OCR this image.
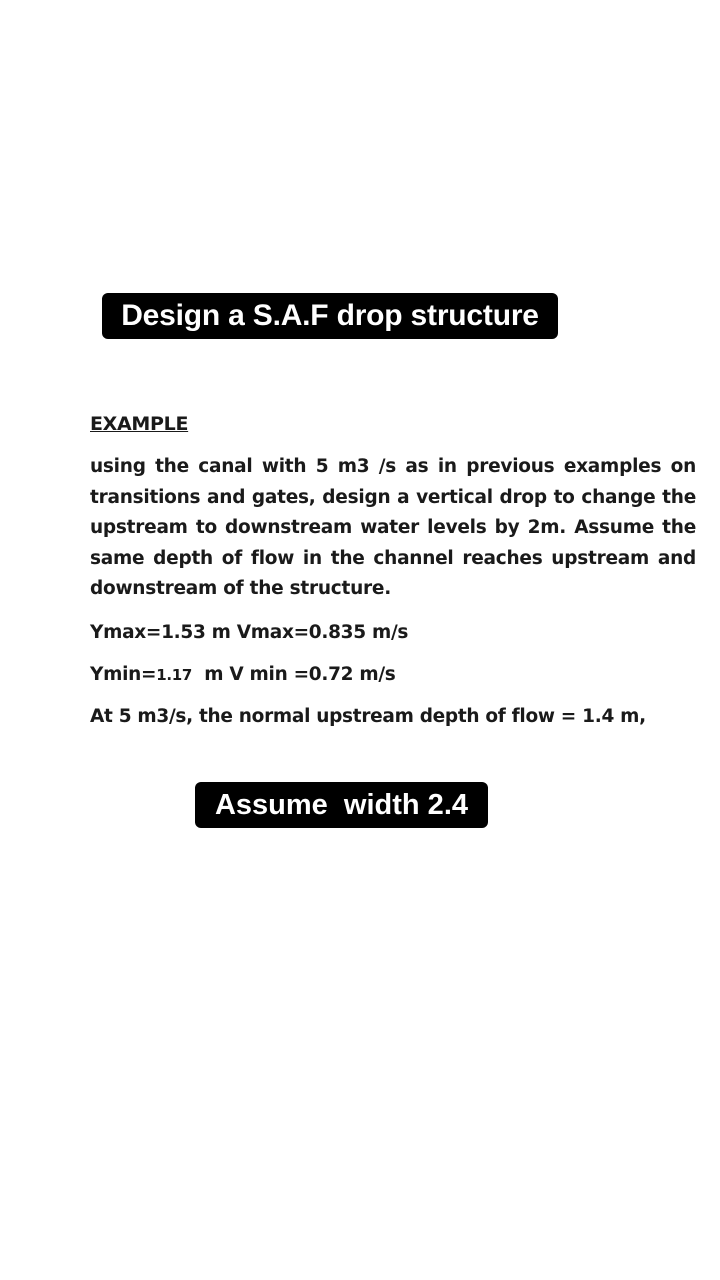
Design a S.A.F drop structure
EXAMPLE
using the canal with 5 m3 /s as in previous examples on transitions and gates, design a vertical drop to change the upstream to downstream water levels by 2m. Assume the same depth of flow in the channel reaches upstream and downstream of the structure.
Ymax=1.53 m Vmax=0.835 m/s
Ymin=1.17  m V min =0.72 m/s
At 5 m3/s, the normal upstream depth of flow = 1.4 m,
Assume  width 2.4
